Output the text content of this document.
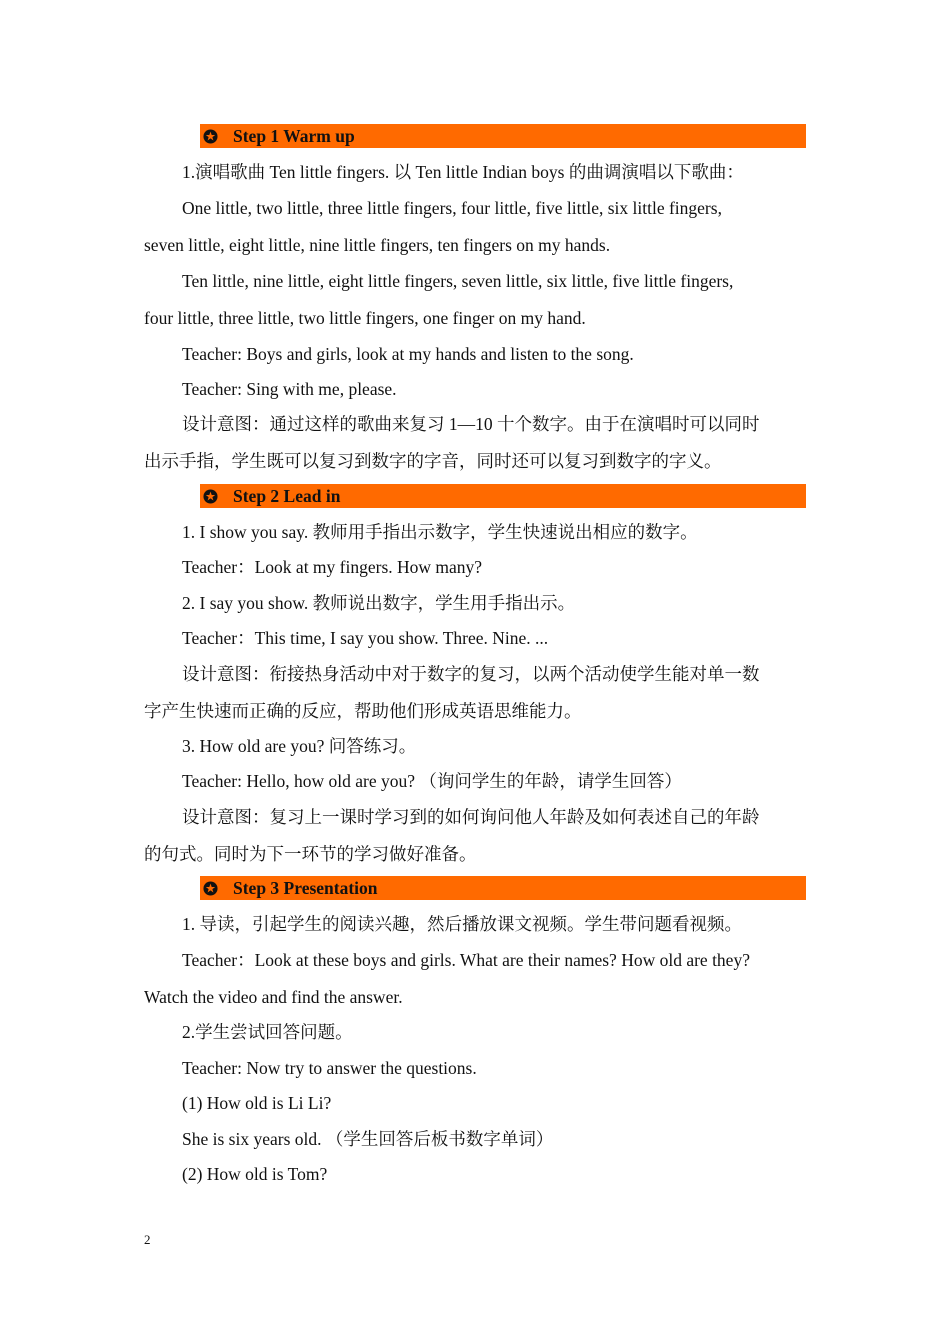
Step 1 Warm up
1.演唱歌曲 Ten little fingers. 以 Ten little Indian boys 的曲调演唱以下歌曲：
One little, two little, three little fingers, four little, five little, six little fingers,
seven little, eight little, nine little fingers, ten fingers on my hands.
Ten little, nine little, eight little fingers, seven little, six little, five little fingers,
four little, three little, two little fingers, one finger on my hand.
Teacher: Boys and girls, look at my hands and listen to the song.
Teacher: Sing with me, please.
设计意图：通过这样的歌曲来复习 1—10 十个数字。由于在演唱时可以同时
出示手指，学生既可以复习到数字的字音，同时还可以复习到数字的字义。
Step 2 Lead in
1. I show you say. 教师用手指出示数字，学生快速说出相应的数字。
Teacher：Look at my fingers. How many?
2. I say you show. 教师说出数字，学生用手指出示。
Teacher：This time, I say you show. Three. Nine. ...
设计意图：衔接热身活动中对于数字的复习，以两个活动使学生能对单一数
字产生快速而正确的反应，帮助他们形成英语思维能力。
3. How old are you? 问答练习。
Teacher: Hello, how old are you? （询问学生的年龄，请学生回答）
设计意图：复习上一课时学习到的如何询问他人年龄及如何表述自己的年龄
的句式。同时为下一环节的学习做好准备。
Step 3 Presentation
1. 导读，引起学生的阅读兴趣，然后播放课文视频。学生带问题看视频。
Teacher：Look at these boys and girls. What are their names? How old are they?
Watch the video and find the answer.
2.学生尝试回答问题。
Teacher: Now try to answer the questions.
(1) How old is Li Li?
She is six years old. （学生回答后板书数字单词）
(2) How old is Tom?
2
